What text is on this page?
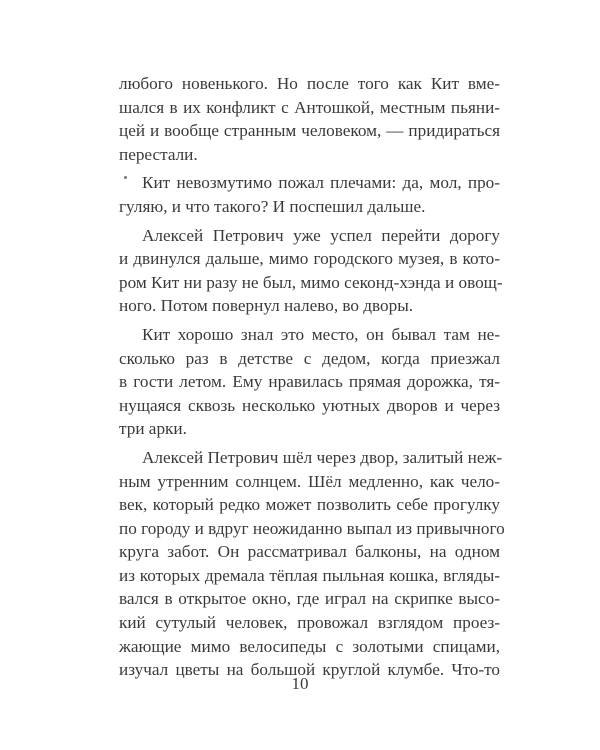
любого новенького. Но после того как Кит вме-
шался в их конфликт с Антошкой, местным пьяни-
цей и вообще странным человеком, — придираться
перестали.
Кит невозмутимо пожал плечами: да, мол, про-
гуляю, и что такого? И поспешил дальше.
Алексей Петрович уже успел перейти дорогу
и двинулся дальше, мимо городского музея, в кото-
ром Кит ни разу не был, мимо секонд-хэнда и овощ-
ного. Потом повернул налево, во дворы.
Кит хорошо знал это место, он бывал там не-
сколько раз в детстве с дедом, когда приезжал
в гости летом. Ему нравилась прямая дорожка, тя-
нущаяся сквозь несколько уютных дворов и через
три арки.
Алексей Петрович шёл через двор, залитый неж-
ным утренним солнцем. Шёл медленно, как чело-
век, который редко может позволить себе прогулку
по городу и вдруг неожиданно выпал из привычного
круга забот. Он рассматривал балконы, на одном
из которых дремала тёплая пыльная кошка, вгляды-
вался в открытое окно, где играл на скрипке высо-
кий сутулый человек, провожал взглядом проез-
жающие мимо велосипеды с золотыми спицами,
изучал цветы на большой круглой клумбе. Что-то
10
